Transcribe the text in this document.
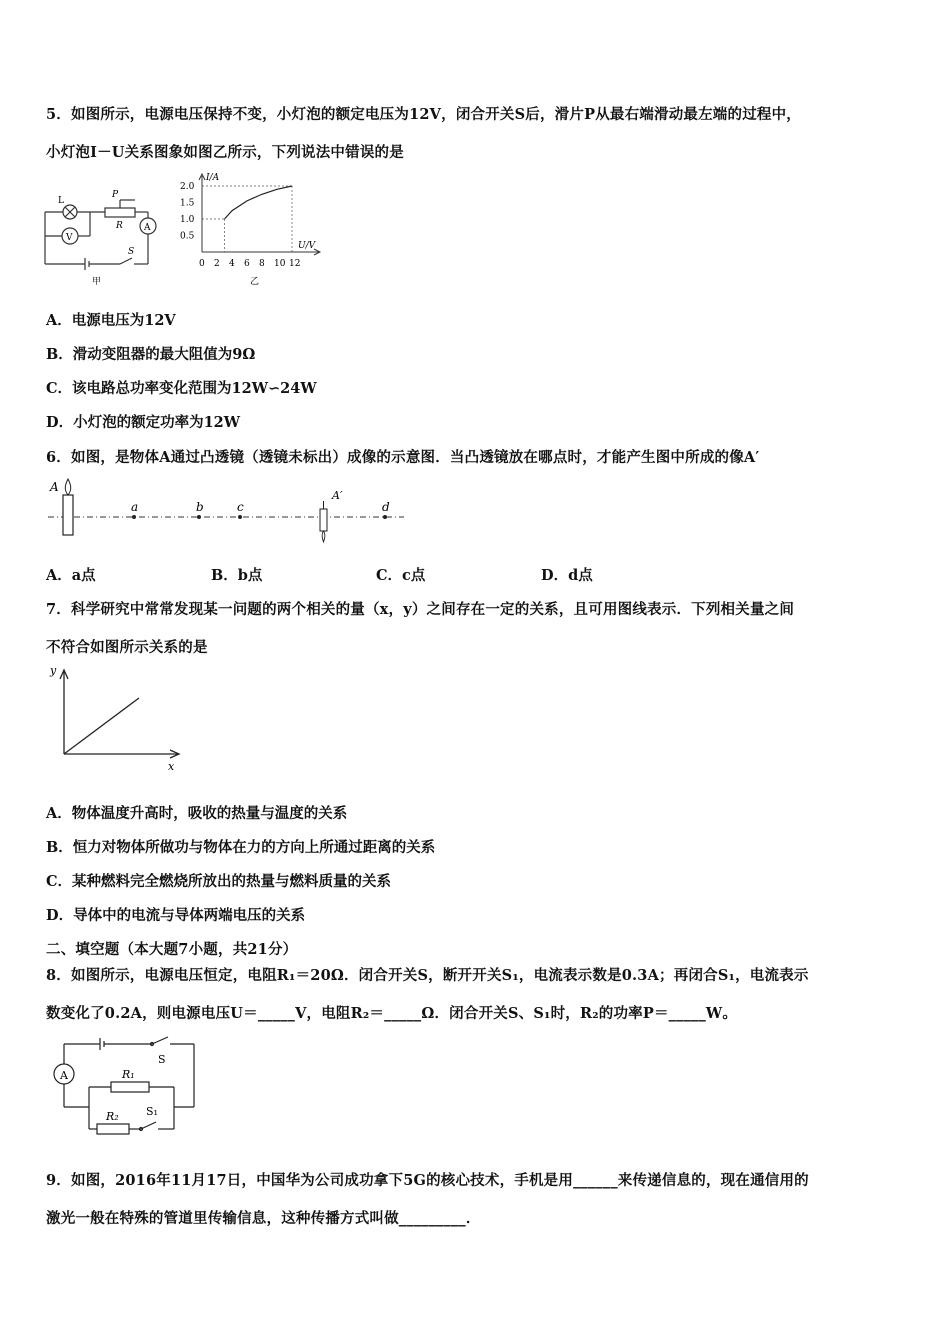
5．如图所示，电源电压保持不变，小灯泡的额定电压为12V，闭合开关S后，滑片P从最右端滑动最左端的过程中，
小灯泡I－U关系图象如图乙所示，下列说法中错误的是
L
P
R
V
A
S
甲
I/A
U/V
2.0
1.5
1.0
0.5
0 2 4 6 8 10 12
乙
A．电源电压为12V
B．滑动变阻器的最大阻值为9Ω
C．该电路总功率变化范围为12W∽24W
D．小灯泡的额定功率为12W
6．如图，是物体A通过凸透镜（透镜未标出）成像的示意图．当凸透镜放在哪点时，才能产生图中所成的像A′
A
A′
a	b	c	d
A．a点	B．b点	C．c点	D．d点
7．科学研究中常常发现某一问题的两个相关的量（x，y）之间存在一定的关系，且可用图线表示．下列相关量之间
不符合如图所示关系的是
y
x
A．物体温度升高时，吸收的热量与温度的关系
B．恒力对物体所做功与物体在力的方向上所通过距离的关系
C．某种燃料完全燃烧所放出的热量与燃料质量的关系
D．导体中的电流与导体两端电压的关系
二、填空题（本大题7小题，共21分）
8．如图所示，电源电压恒定，电阻R₁＝20Ω．闭合开关S，断开开关S₁，电流表示数是0.3A；再闭合S₁，电流表示
数变化了0.2A，则电源电压U＝_____V，电阻R₂＝_____Ω．闭合开关S、S₁时，R₂的功率P＝_____W。
A
S
R₁
R₂ S₁
9．如图，2016年11月17日，中国华为公司成功拿下5G的核心技术，手机是用______来传递信息的，现在通信用的
激光一般在特殊的管道里传输信息，这种传播方式叫做_________．
